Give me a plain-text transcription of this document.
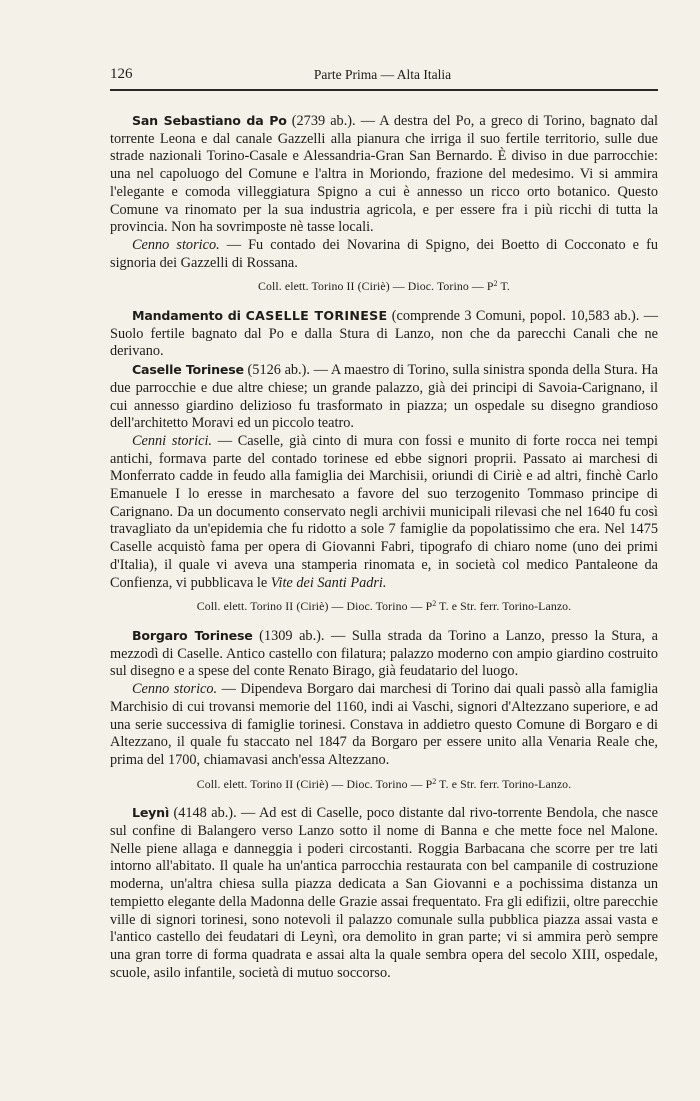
126	Parte Prima — Alta Italia

San Sebastiano da Po (2739 ab.). — A destra del Po, a greco di Torino, bagnato dal torrente Leona e dal canale Gazzelli alla pianura che irriga il suo fertile territorio, sulle due strade nazionali Torino-Casale e Alessandria-Gran San Bernardo. È diviso in due parrocchie: una nel capoluogo del Comune e l'altra in Moriondo, frazione del medesimo. Vi si ammira l'elegante e comoda villeggiatura Spigno a cui è annesso un ricco orto botanico. Questo Comune va rinomato per la sua industria agricola, e per essere fra i più ricchi di tutta la provincia. Non ha sovrimposte nè tasse locali.

Cenno storico. — Fu contado dei Novarina di Spigno, dei Boetto di Cocconato e fu signoria dei Gazzelli di Rossana.

Coll. elett. Torino II (Ciriè) — Dioc. Torino — $P^2$ T.

Mandamento di CASELLE TORINESE (comprende 3 Comuni, popol. 10,583 ab.). — Suolo fertile bagnato dal Po e dalla Stura di Lanzo, non che da parecchi Canali che ne derivano.

Caselle Torinese (5126 ab.). — A maestro di Torino, sulla sinistra sponda della Stura. Ha due parrocchie e due altre chiese; un grande palazzo, già dei principi di Savoia-Carignano, il cui annesso giardino delizioso fu trasformato in piazza; un ospedale su disegno grandioso dell'architetto Moravi ed un piccolo teatro.

Cenni storici. — Caselle, già cinto di mura con fossi e munito di forte rocca nei tempi antichi, formava parte del contado torinese ed ebbe signori proprii. Passato ai marchesi di Monferrato cadde in feudo alla famiglia dei Marchisii, oriundi di Ciriè e ad altri, finchè Carlo Emanuele I lo eresse in marchesato a favore del suo terzogenito Tommaso principe di Carignano. Da un documento conservato negli archivii municipali rilevasi che nel 1640 fu così travagliato da un'epidemia che fu ridotto a sole 7 famiglie da popolatissimo che era. Nel 1475 Caselle acquistò fama per opera di Giovanni Fabri, tipografo di chiaro nome (uno dei primi d'Italia), il quale vi aveva una stamperia rinomata e, in società col medico Pantaleone da Confienza, vi pubblicava le Vite dei Santi Padri.

Coll. elett. Torino II (Ciriè) — Dioc. Torino — $P^2$ T. e Str. ferr. Torino-Lanzo.

Borgaro Torinese (1309 ab.). — Sulla strada da Torino a Lanzo, presso la Stura, a mezzodì di Caselle. Antico castello con filatura; palazzo moderno con ampio giardino costruito sul disegno e a spese del conte Renato Birago, già feudatario del luogo.

Cenno storico. — Dipendeva Borgaro dai marchesi di Torino dai quali passò alla famiglia Marchisio di cui trovansi memorie del 1160, indi ai Vaschi, signori d'Altezzano superiore, e ad una serie successiva di famiglie torinesi. Constava in addietro questo Comune di Borgaro e di Altezzano, il quale fu staccato nel 1847 da Borgaro per essere unito alla Venaria Reale che, prima del 1700, chiamavasi anch'essa Altezzano.

Coll. elett. Torino II (Ciriè) — Dioc. Torino — $P^2$ T. e Str. ferr. Torino-Lanzo.

Leynì (4148 ab.). — Ad est di Caselle, poco distante dal rivo-torrente Bendola, che nasce sul confine di Balangero verso Lanzo sotto il nome di Banna e che mette foce nel Malone. Nelle piene allaga e danneggia i poderi circostanti. Roggia Barbacana che scorre per tre lati intorno all'abitato. Il quale ha un'antica parrocchia restaurata con bel campanile di costruzione moderna, un'altra chiesa sulla piazza dedicata a San Giovanni e a pochissima distanza un tempietto elegante della Madonna delle Grazie assai frequentato. Fra gli edifizii, oltre parecchie ville di signori torinesi, sono notevoli il palazzo comunale sulla pubblica piazza assai vasta e l'antico castello dei feudatari di Leynì, ora demolito in gran parte; vi si ammira però sempre una gran torre di forma quadrata e assai alta la quale sembra opera del secolo XIII, ospedale, scuole, asilo infantile, società di mutuo soccorso.
